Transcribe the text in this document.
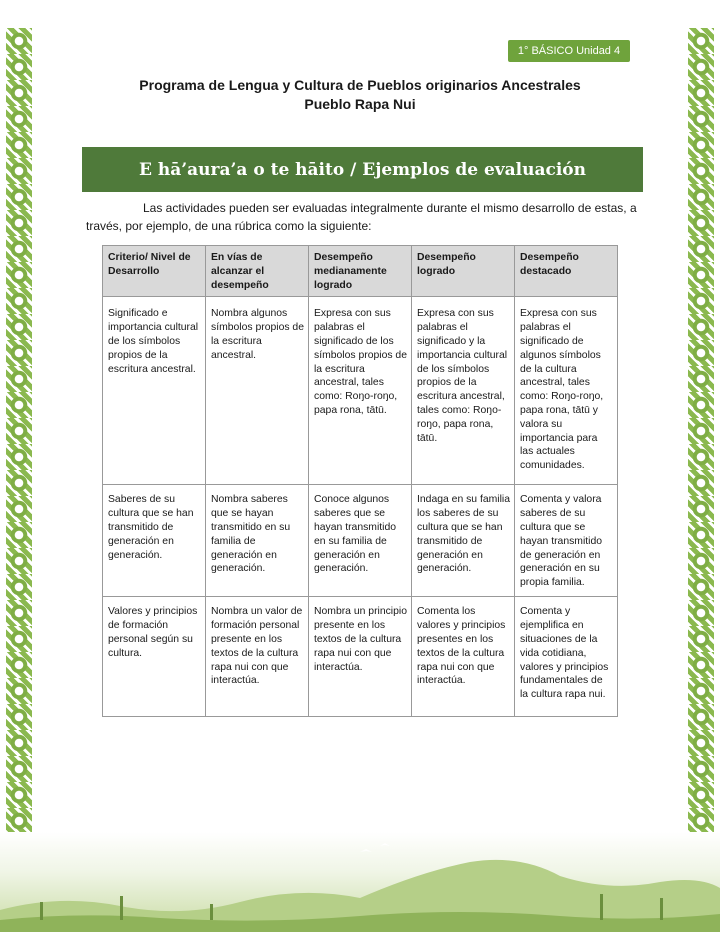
1° BÁSICO Unidad 4
Programa de Lengua y Cultura de Pueblos originarios Ancestrales
Pueblo Rapa Nui
E hā’aura’a o te hāito / Ejemplos de evaluación

Las actividades pueden ser evaluadas integralmente durante el mismo desarrollo de estas, a través, por ejemplo, de una rúbrica como la siguiente:

Criterio/ Nivel de Desarrollo	En vías de alcanzar el desempeño	Desempeño medianamente logrado	Desempeño logrado	Desempeño destacado
Significado e importancia cultural de los símbolos propios de la escritura ancestral.	Nombra algunos símbolos propios de la escritura ancestral.	Expresa con sus palabras el significado de los símbolos propios de la escritura ancestral, tales como: Roŋo-roŋo, papa rona, tātū.	Expresa con sus palabras el significado y la importancia cultural de los símbolos propios de la escritura ancestral, tales como: Roŋo-roŋo, papa rona, tātū.	Expresa con sus palabras el significado de algunos símbolos de la cultura ancestral, tales como: Roŋo-roŋo, papa rona, tātū y valora su importancia para las actuales comunidades.
Saberes de su cultura que se han transmitido de generación en generación.	Nombra saberes que se hayan transmitido en su familia de generación en generación.	Conoce algunos saberes que se hayan transmitido en su familia de generación en generación.	Indaga en su familia los saberes de su cultura que se han transmitido de generación en generación.	Comenta y valora saberes de su cultura que se hayan transmitido de generación en generación en su propia familia.
Valores y principios de formación personal según su cultura.	Nombra un valor de formación personal presente en los textos de la cultura rapa nui con que interactúa.	Nombra un principio presente en los textos de la cultura rapa nui con que interactúa.	Comenta los valores y principios presentes en los textos de la cultura rapa nui con que interactúa.	Comenta y ejemplifica en situaciones de la vida cotidiana, valores y principios fundamentales de la cultura rapa nui.
